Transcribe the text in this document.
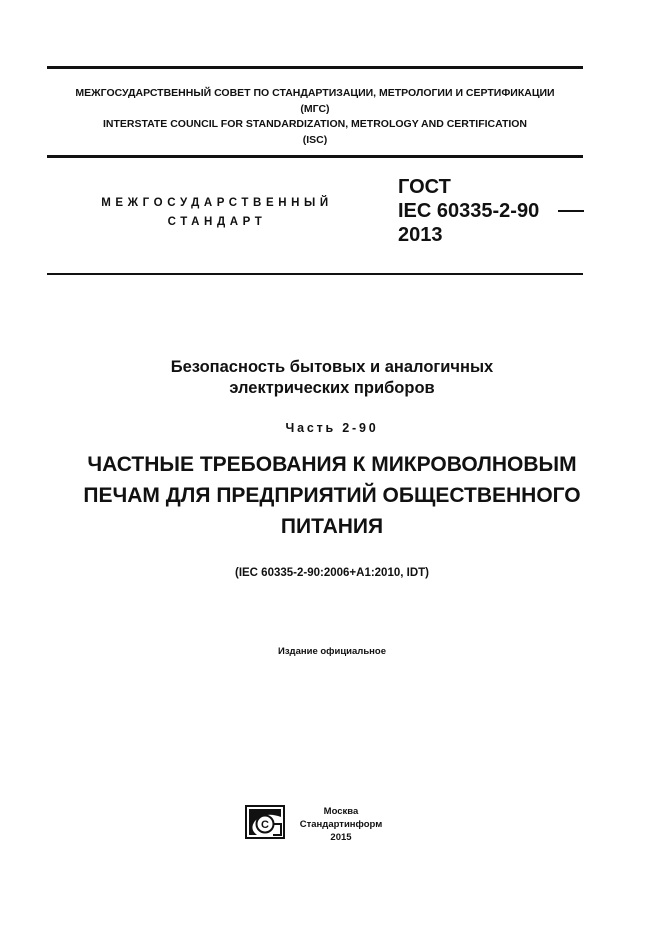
МЕЖГОСУДАРСТВЕННЫЙ СОВЕТ ПО СТАНДАРТИЗАЦИИ, МЕТРОЛОГИИ И СЕРТИФИКАЦИИ
(МГС)
INTERSTATE COUNCIL FOR STANDARDIZATION, METROLOGY AND CERTIFICATION
(ISC)
МЕЖГОСУДАРСТВЕННЫЙ
СТАНДАРТ
ГОСТ
IEC 60335-2-90
2013
Безопасность бытовых и аналогичных
электрических приборов
Часть 2-90
ЧАСТНЫЕ ТРЕБОВАНИЯ К МИКРОВОЛНОВЫМ
ПЕЧАМ ДЛЯ ПРЕДПРИЯТИЙ ОБЩЕСТВЕННОГО
ПИТАНИЯ
(IEC 60335-2-90:2006+A1:2010, IDT)
Издание официальное
С
Москва
Стандартинформ
2015
